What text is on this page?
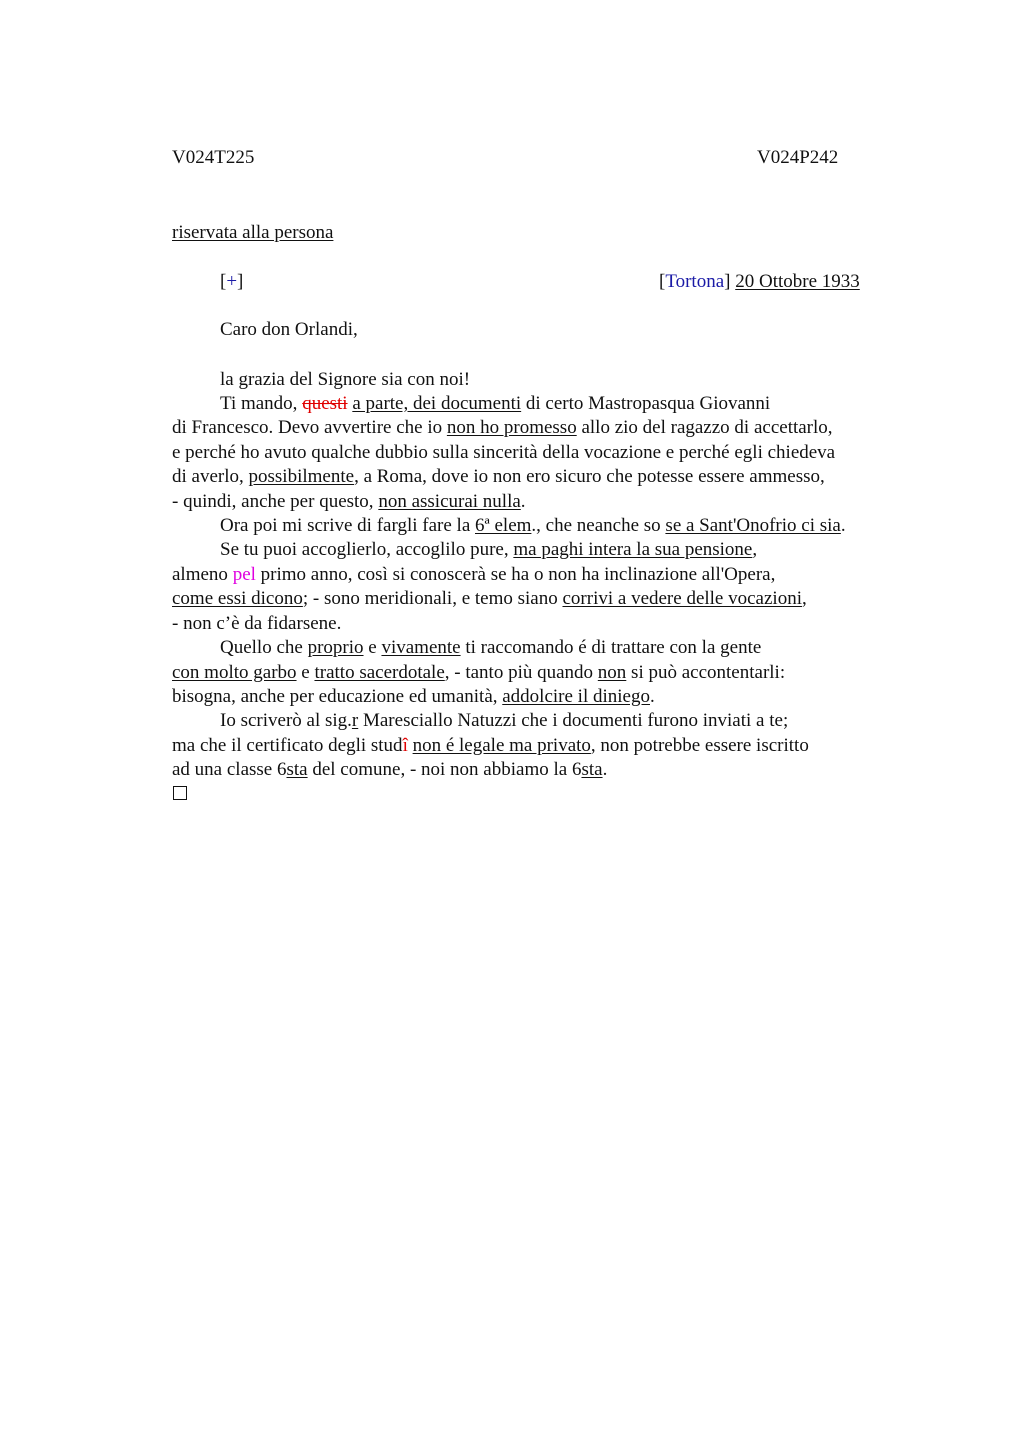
V024T225	V024P242
riservata alla persona
[+]	[Tortona] 20 Ottobre 1933
Caro don Orlandi,
la grazia del Signore sia con noi!
Ti mando, questi a parte, dei documenti di certo Mastropasqua Giovanni
di Francesco. Devo avvertire che io non ho promesso allo zio del ragazzo di accettarlo,
e perché ho avuto qualche dubbio sulla sincerità della vocazione e perché egli chiedeva
di averlo, possibilmente, a Roma, dove io non ero sicuro che potesse essere ammesso,
- quindi, anche per questo, non assicurai nulla.
Ora poi mi scrive di fargli fare la 6ª elem., che neanche so se a Sant'Onofrio ci sia.
Se tu puoi accoglierlo, accoglilo pure, ma paghi intera la sua pensione,
almeno pel primo anno, così si conoscerà se ha o non ha inclinazione all'Opera,
come essi dicono; - sono meridionali, e temo siano corrivi a vedere delle vocazioni,
- non c’è da fidarsene.
Quello che proprio e vivamente ti raccomando é di trattare con la gente
con molto garbo e tratto sacerdotale, - tanto più quando non si può accontentarli:
bisogna, anche per educazione ed umanità, addolcire il diniego.
Io scriverò al sig.r Maresciallo Natuzzi che i documenti furono inviati a te;
ma che il certificato degli studî non é legale ma privato, non potrebbe essere iscritto
ad una classe 6sta del comune, - noi non abbiamo la 6sta.
